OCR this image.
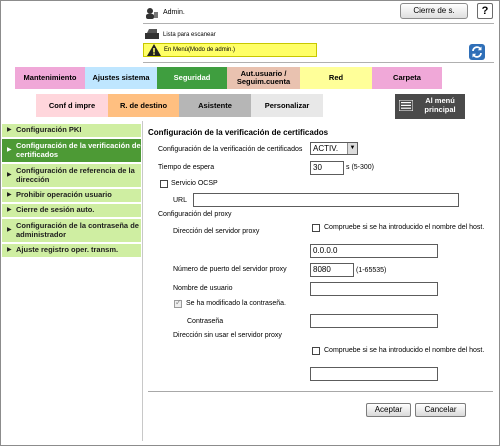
Admin.	Cierre de s.	?
Lista para escanear
En Menú(Modo de admin.)
Mantenimiento	Ajustes sistema	Seguridad	Aut.usuario / Seguim.cuenta	Red	Carpeta
Conf d impre	R. de destino	Asistente	Personalizar
Al menú principal
▶ Configuración PKI
▶
Configuración de la verificación de certificados
▶
Configuración de referencia de la dirección
▶ Prohibir operación usuario
▶ Cierre de sesión auto.
▶
Configuración de la contraseña de administrador
▶ Ajuste registro oper. transm.
Configuración de la verificación de certificados
Configuración de la verificación de certificados	ACTIV.	▼
Tiempo de espera	30	s (5-300)
Servicio OCSP
URL
Configuración del proxy
Dirección del servidor proxy
Compruebe si se ha introducido el nombre del host.
0.0.0.0
Número de puerto del servidor proxy	8080	(1-65535)
Nombre de usuario
✓
Se ha modificado la contraseña.
Contraseña
Dirección sin usar el servidor proxy
Compruebe si se ha introducido el nombre del host.
Aceptar	Cancelar
